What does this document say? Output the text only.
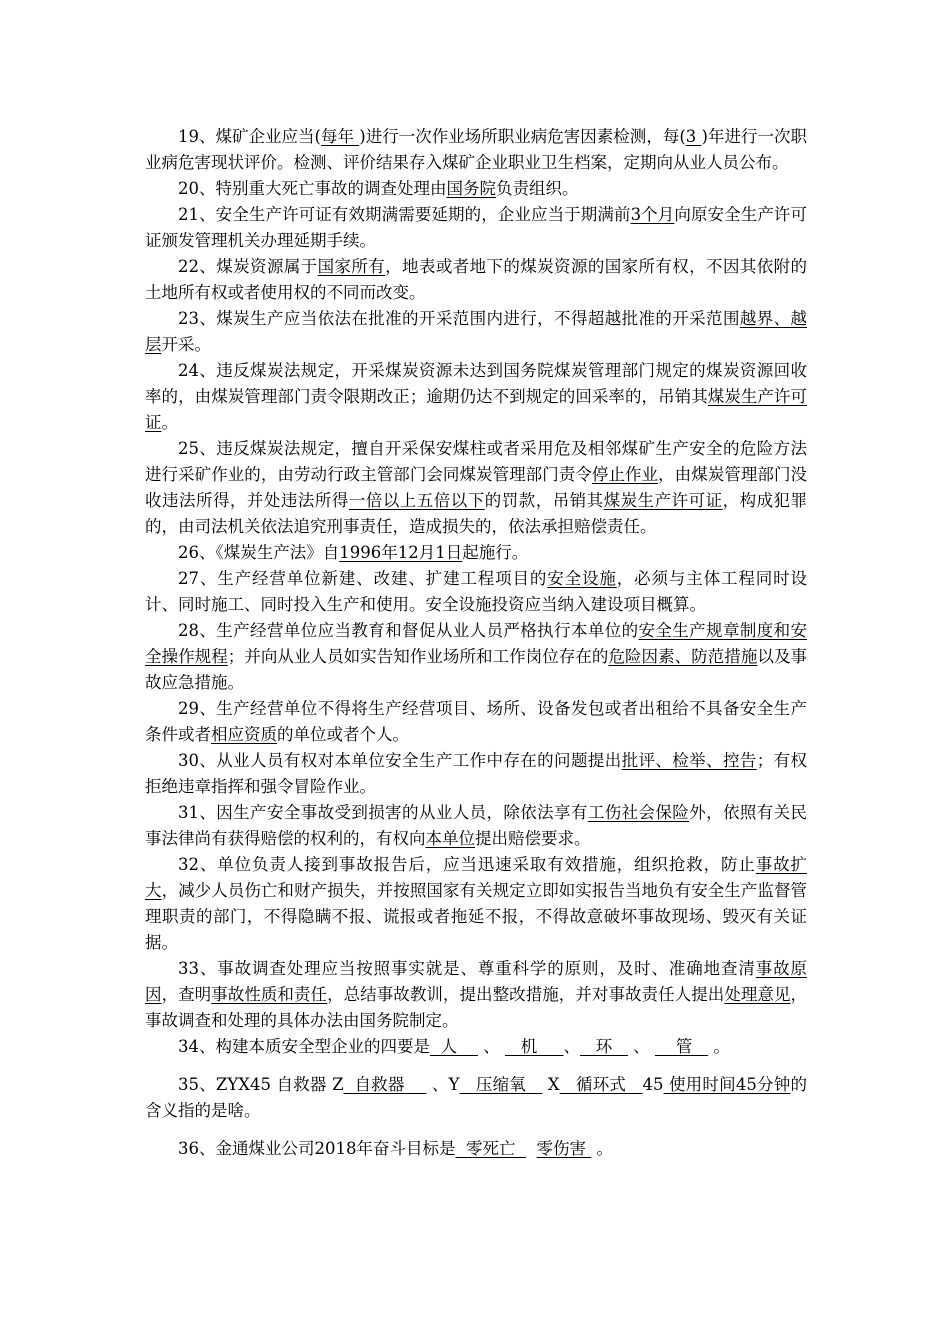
19、煤矿企业应当(每年 )进行一次作业场所职业病危害因素检测，每(3 )年进行一次职业病危害现状评价。检测、评价结果存入煤矿企业职业卫生档案，定期向从业人员公布。

20、特别重大死亡事故的调查处理由国务院负责组织。

21、安全生产许可证有效期满需要延期的，企业应当于期满前3个月向原安全生产许可证颁发管理机关办理延期手续。

22、煤炭资源属于国家所有，地表或者地下的煤炭资源的国家所有权，不因其依附的土地所有权或者使用权的不同而改变。

23、煤炭生产应当依法在批准的开采范围内进行，不得超越批准的开采范围越界、越层开采。

24、违反煤炭法规定，开采煤炭资源未达到国务院煤炭管理部门规定的煤炭资源回收率的，由煤炭管理部门责令限期改正；逾期仍达不到规定的回采率的，吊销其煤炭生产许可证。

25、违反煤炭法规定，擅自开采保安煤柱或者采用危及相邻煤矿生产安全的危险方法进行采矿作业的，由劳动行政主管部门会同煤炭管理部门责令停止作业，由煤炭管理部门没收违法所得，并处违法所得一倍以上五倍以下的罚款，吊销其煤炭生产许可证，构成犯罪的，由司法机关依法追究刑事责任，造成损失的，依法承担赔偿责任。

26、《煤炭生产法》自1996年12月1日起施行。

27、生产经营单位新建、改建、扩建工程项目的安全设施，必须与主体工程同时设计、同时施工、同时投入生产和使用。安全设施投资应当纳入建设项目概算。

28、生产经营单位应当教育和督促从业人员严格执行本单位的安全生产规章制度和安全操作规程；并向从业人员如实告知作业场所和工作岗位存在的危险因素、防范措施以及事故应急措施。

29、生产经营单位不得将生产经营项目、场所、设备发包或者出租给不具备安全生产条件或者相应资质的单位或者个人。

30、从业人员有权对本单位安全生产工作中存在的问题提出批评、检举、控告；有权拒绝违章指挥和强令冒险作业。

31、因生产安全事故受到损害的从业人员，除依法享有工伤社会保险外，依照有关民事法律尚有获得赔偿的权利的，有权向本单位提出赔偿要求。

32、单位负责人接到事故报告后，应当迅速采取有效措施，组织抢救，防止事故扩大，减少人员伤亡和财产损失，并按照国家有关规定立即如实报告当地负有安全生产监督管理职责的部门，不得隐瞒不报、谎报或者拖延不报，不得故意破坏事故现场、毁灭有关证据。

33、事故调查处理应当按照事实就是、尊重科学的原则，及时、准确地查清事故原因，查明事故性质和责任，总结事故教训，提出整改措施，并对事故责任人提出处理意见，事故调查和处理的具体办法由国务院制定。

34、构建本质安全型企业的四要是  人     、    机     、   环    、     管    。

35、ZYX45 自救器 Z  自救器     、Y   压缩氧    X   循环式   45 使用时间45分钟的含义指的是啥。

36、金通煤业公司2018年奋斗目标是  零死亡    零伤害  。
